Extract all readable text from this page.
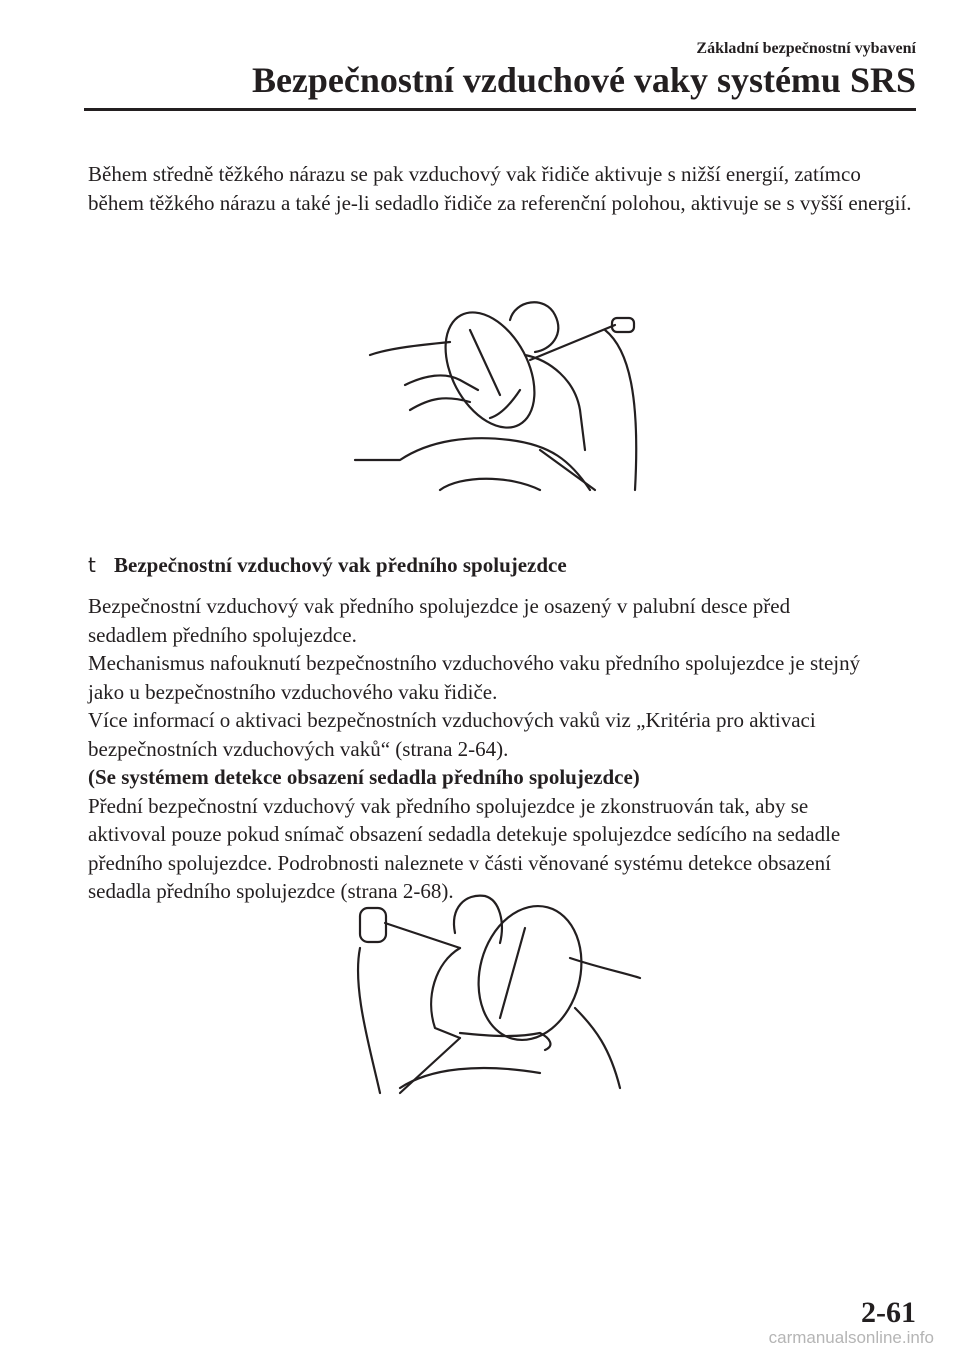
Základní bezpečnostní vybavení
Bezpečnostní vzduchové vaky systému SRS

Během středně těžkého nárazu se pak vzduchový vak řidiče aktivuje s nižší energií, zatímco během těžkého nárazu a také je-li sedadlo řidiče za referenční polohou, aktivuje se s vyšší energií.

t Bezpečnostní vzduchový vak předního spolujezdce
Bezpečnostní vzduchový vak předního spolujezdce je osazený v palubní desce před
sedadlem předního spolujezdce.
Mechanismus nafouknutí bezpečnostního vzduchového vaku předního spolujezdce je stejný
jako u bezpečnostního vzduchového vaku řidiče.
Více informací o aktivaci bezpečnostních vzduchových vaků viz „Kritéria pro aktivaci
bezpečnostních vzduchových vaků“ (strana 2-64).
(Se systémem detekce obsazení sedadla předního spolujezdce)
Přední bezpečnostní vzduchový vak předního spolujezdce je zkonstruován tak, aby se
aktivoval pouze pokud snímač obsazení sedadla detekuje spolujezdce sedícího na sedadle
předního spolujezdce. Podrobnosti naleznete v části věnované systému detekce obsazení
sedadla předního spolujezdce (strana 2-68).
2-61
carmanualsonline.info
